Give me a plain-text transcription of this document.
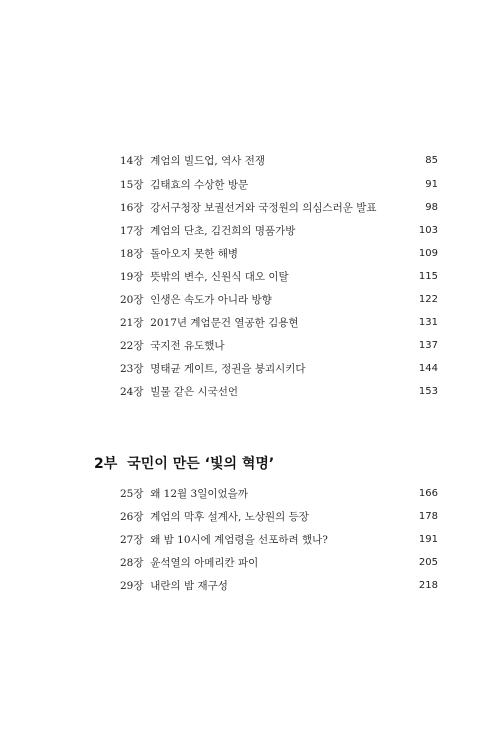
14장 계엄의 빌드업, 역사 전쟁	85
15장 김태효의 수상한 방문	91
16장 강서구청장 보궐선거와 국정원의 의심스러운 발표	98
17장 계엄의 단초, 김건희의 명품가방	103
18장 돌아오지 못한 해병	109
19장 뜻밖의 변수, 신원식 대오 이탈	115
20장 인생은 속도가 아니라 방향	122
21장 2017년 계엄문건 열공한 김용현	131
22장 국지전 유도했나	137
23장 명태균 게이트, 정권을 붕괴시키다	144
24장 빌물 같은 시국선언	153
2부 국민이 만든 ‘빛의 혁명’
25장 왜 12월 3일이었을까	166
26장 계엄의 막후 설계사, 노상원의 등장	178
27장 왜 밤 10시에 계엄령을 선포하려 했나?	191
28장 윤석열의 아메리칸 파이	205
29장 내란의 밤 재구성	218
